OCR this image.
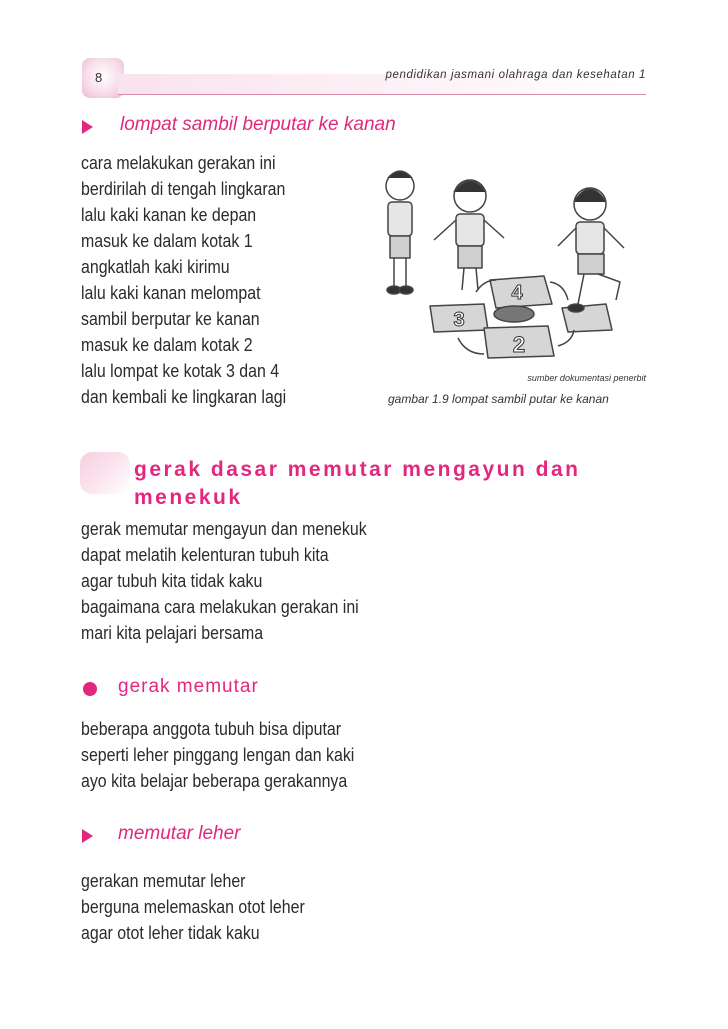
8	pendidikan jasmani olahraga dan kesehatan 1
lompat sambil berputar ke kanan
cara melakukan gerakan ini
berdirilah di tengah lingkaran
lalu kaki kanan ke depan
masuk ke dalam kotak 1
angkatlah kaki kirimu
lalu kaki kanan melompat
sambil berputar ke kanan
masuk ke dalam kotak 2
lalu lompat ke kotak 3 dan 4
dan kembali ke lingkaran lagi
4
3
2
sumber dokumentasi penerbit
gambar 1.9 lompat sambil putar ke kanan
gerak dasar memutar mengayun dan menekuk
gerak memutar mengayun dan menekuk
dapat melatih kelenturan tubuh kita
agar tubuh kita tidak kaku
bagaimana cara melakukan gerakan ini
mari kita pelajari bersama
gerak memutar
beberapa anggota tubuh bisa diputar
seperti leher pinggang lengan dan kaki
ayo kita belajar beberapa gerakannya
memutar leher
gerakan memutar leher
berguna melemaskan otot leher
agar otot leher tidak kaku
